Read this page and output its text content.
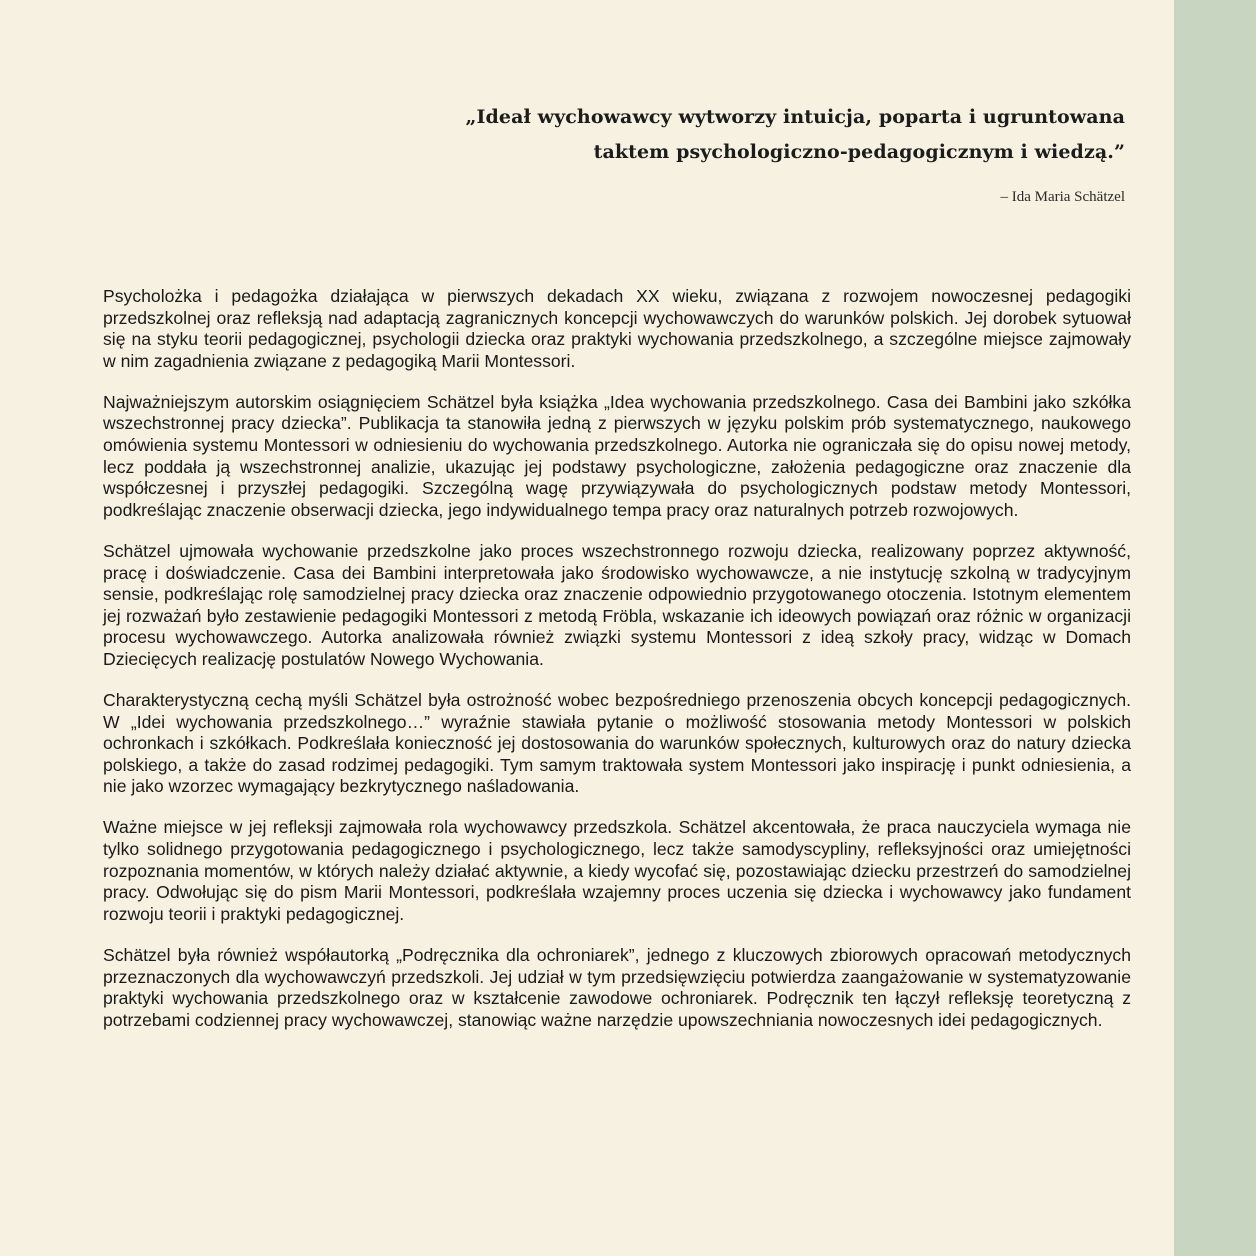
„Ideał wychowawcy wytworzy intuicja, poparta i ugruntowana
taktem psychologiczno-pedagogicznym i wiedzą.”
– Ida Maria Schätzel

Psycholożka i pedagożka działająca w pierwszych dekadach XX wieku, związana z rozwojem nowoczesnej pedagogiki przedszkolnej oraz refleksją nad adaptacją zagranicznych koncepcji wychowawczych do warunków polskich. Jej dorobek sytuował się na styku teorii pedagogicznej, psychologii dziecka oraz praktyki wychowania przedszkolnego, a szczególne miejsce zajmowały w nim zagadnienia związane z pedagogiką Marii Montessori.

Najważniejszym autorskim osiągnięciem Schätzel była książka „Idea wychowania przedszkolnego. Casa dei Bambini jako szkółka wszechstronnej pracy dziecka”. Publikacja ta stanowiła jedną z pierwszych w języku polskim prób systematycznego, naukowego omówienia systemu Montessori w odniesieniu do wychowania przedszkolnego. Autorka nie ograniczała się do opisu nowej metody, lecz poddała ją wszechstronnej analizie, ukazując jej podstawy psychologiczne, założenia pedagogiczne oraz znaczenie dla współczesnej i przyszłej pedagogiki. Szczególną wagę przywiązywała do psychologicznych podstaw metody Montessori, podkreślając znaczenie obserwacji dziecka, jego indywidualnego tempa pracy oraz naturalnych potrzeb rozwojowych.

Schätzel ujmowała wychowanie przedszkolne jako proces wszechstronnego rozwoju dziecka, realizowany poprzez aktywność, pracę i doświadczenie. Casa dei Bambini interpretowała jako środowisko wychowawcze, a nie instytucję szkolną w tradycyjnym sensie, podkreślając rolę samodzielnej pracy dziecka oraz znaczenie odpowiednio przygotowanego otoczenia. Istotnym elementem jej rozważań było zestawienie pedagogiki Montessori z metodą Fröbla, wskazanie ich ideowych powiązań oraz różnic w organizacji procesu wychowawczego. Autorka analizowała również związki systemu Montessori z ideą szkoły pracy, widząc w Domach Dziecięcych realizację postulatów Nowego Wychowania.

Charakterystyczną cechą myśli Schätzel była ostrożność wobec bezpośredniego przenoszenia obcych koncepcji pedagogicznych. W „Idei wychowania przedszkolnego…” wyraźnie stawiała pytanie o możliwość stosowania metody Montessori w polskich ochronkach i szkółkach. Podkreślała konieczność jej dostosowania do warunków społecznych, kulturowych oraz do natury dziecka polskiego, a także do zasad rodzimej pedagogiki. Tym samym traktowała system Montessori jako inspirację i punkt odniesienia, a nie jako wzorzec wymagający bezkrytycznego naśladowania.

Ważne miejsce w jej refleksji zajmowała rola wychowawcy przedszkola. Schätzel akcentowała, że praca nauczyciela wymaga nie tylko solidnego przygotowania pedagogicznego i psychologicznego, lecz także samodyscypliny, refleksyjności oraz umiejętności rozpoznania momentów, w których należy działać aktywnie, a kiedy wycofać się, pozostawiając dziecku przestrzeń do samodzielnej pracy. Odwołując się do pism Marii Montessori, podkreślała wzajemny proces uczenia się dziecka i wychowawcy jako fundament rozwoju teorii i praktyki pedagogicznej.

Schätzel była również współautorką „Podręcznika dla ochroniarek”, jednego z kluczowych zbiorowych opracowań metodycznych przeznaczonych dla wychowawczyń przedszkoli. Jej udział w tym przedsięwzięciu potwierdza zaangażowanie w systematyzowanie praktyki wychowania przedszkolnego oraz w kształcenie zawodowe ochroniarek. Podręcznik ten łączył refleksję teoretyczną z potrzebami codziennej pracy wychowawczej, stanowiąc ważne narzędzie upowszechniania nowoczesnych idei pedagogicznych.
